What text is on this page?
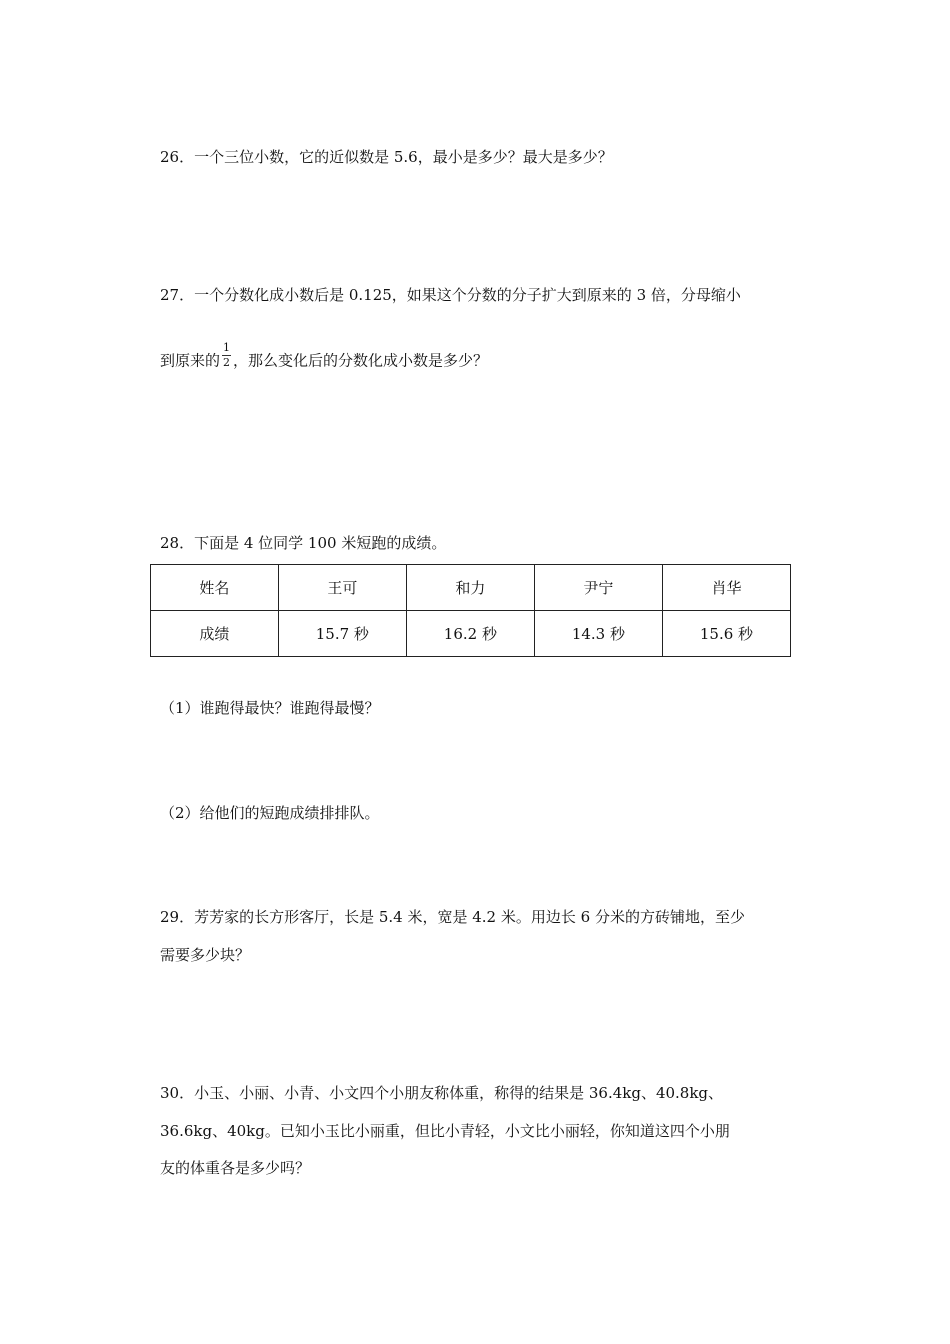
26．一个三位小数，它的近似数是 5.6，最小是多少？最大是多少？
27．一个分数化成小数后是 0.125，如果这个分数的分子扩大到原来的 3 倍，分母缩小
到原来的 $\frac{1}{2}$ ，那么变化后的分数化成小数是多少？
28．下面是 4 位同学 100 米短跑的成绩。
姓名	王可	和力	尹宁	肖华
成绩	15.7 秒	16.2 秒	14.3 秒	15.6 秒
（1）谁跑得最快？谁跑得最慢？
（2）给他们的短跑成绩排排队。
29．芳芳家的长方形客厅，长是 5.4 米，宽是 4.2 米。用边长 6 分米的方砖铺地，至少
需要多少块？
30．小玉、小丽、小青、小文四个小朋友称体重，称得的结果是 36.4kg、40.8kg、
36.6kg、40kg。已知小玉比小丽重，但比小青轻，小文比小丽轻，你知道这四个小朋
友的体重各是多少吗？
